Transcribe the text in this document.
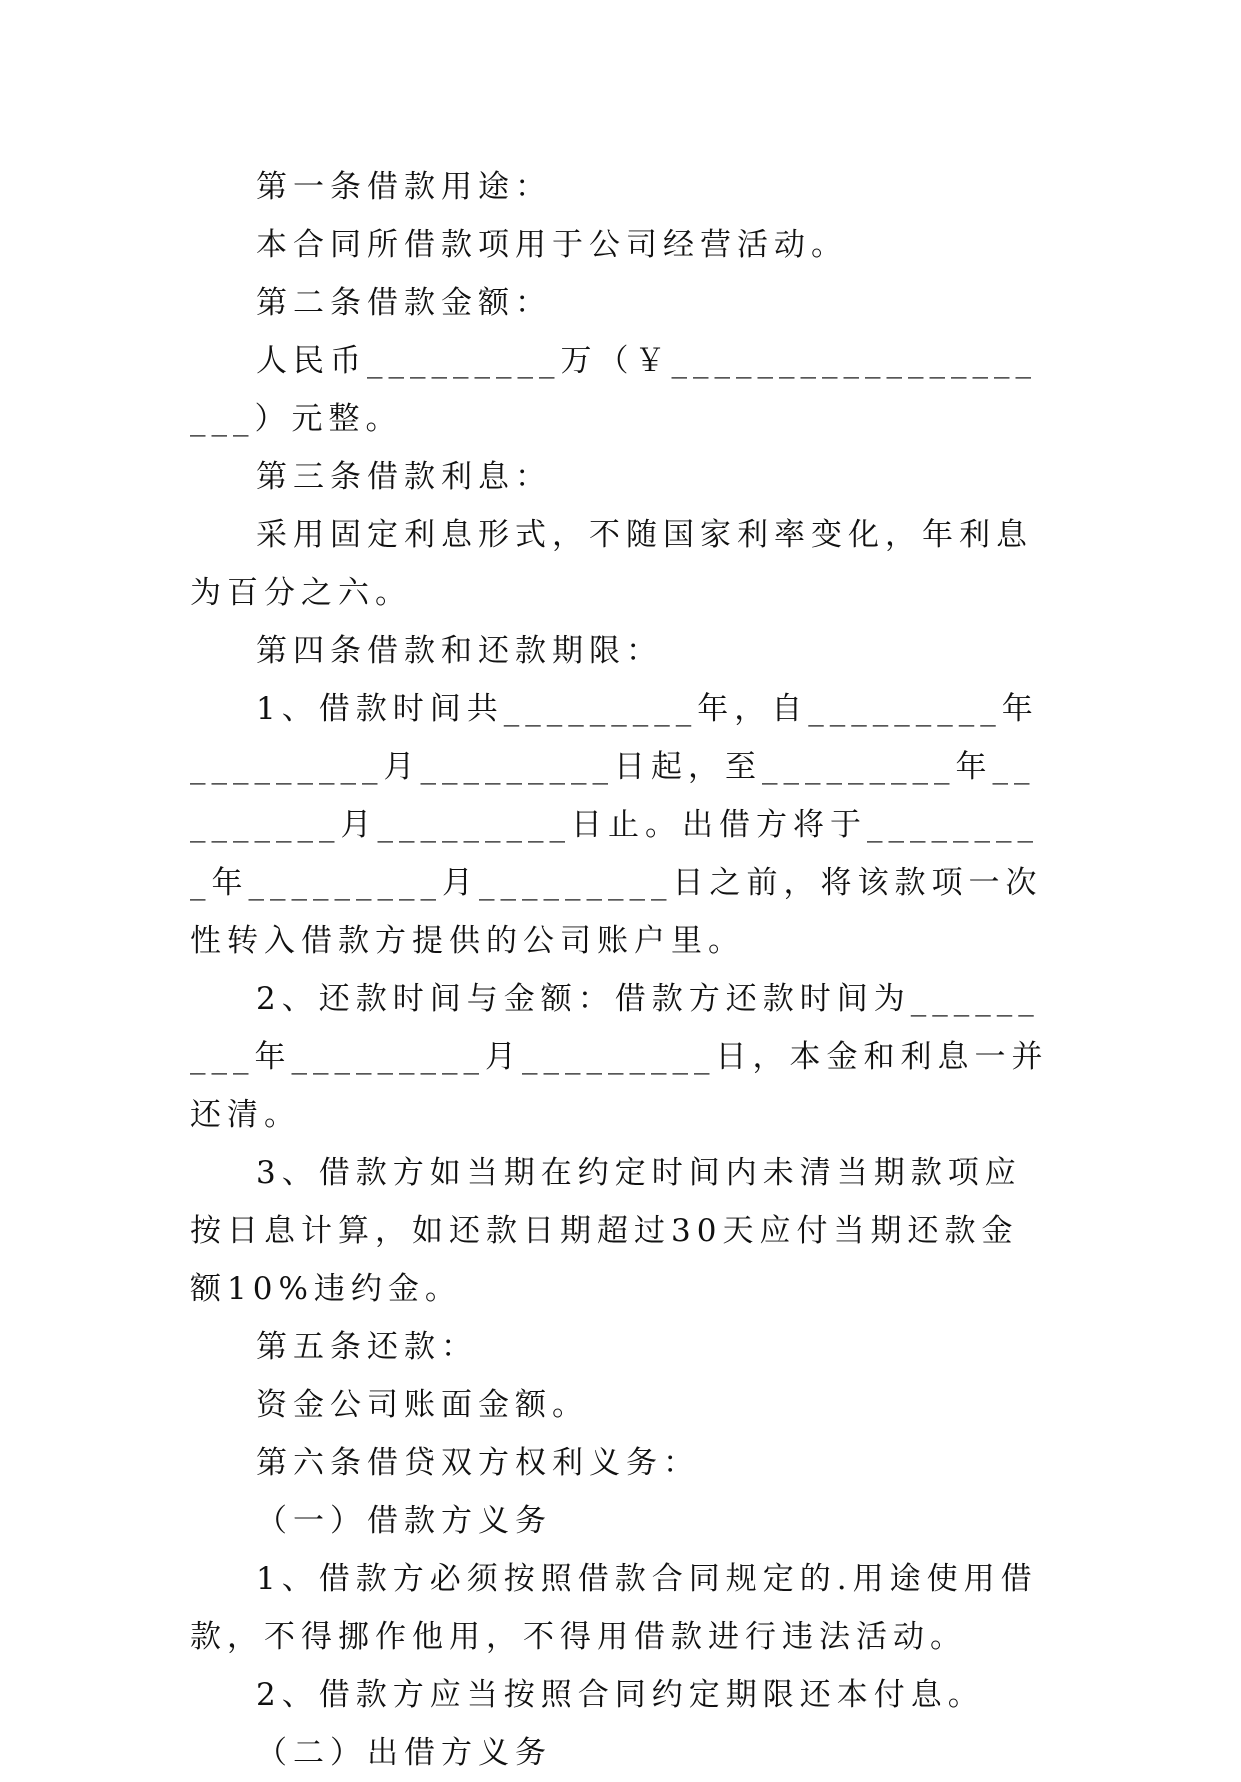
第一条借款用途：

本合同所借款项用于公司经营活动。

第二条借款金额：

人民币_________万（￥____________________）元整。

第三条借款利息：

采用固定利息形式，不随国家利率变化，年利息为百分之六。

第四条借款和还款期限：

1、借款时间共_________年，自_________年_________月_________日起，至_________年_________月_________日止。出借方将于_________年_________月_________日之前，将该款项一次性转入借款方提供的公司账户里。

2、还款时间与金额：借款方还款时间为_________年_________月_________日，本金和利息一并还清。

3、借款方如当期在约定时间内未清当期款项应按日息计算，如还款日期超过30天应付当期还款金额10%违约金。

第五条还款：

资金公司账面金额。

第六条借贷双方权利义务：

（一）借款方义务

1、借款方必须按照借款合同规定的.用途使用借款，不得挪作他用，不得用借款进行违法活动。

2、借款方应当按照合同约定期限还本付息。

（二）出借方义务
